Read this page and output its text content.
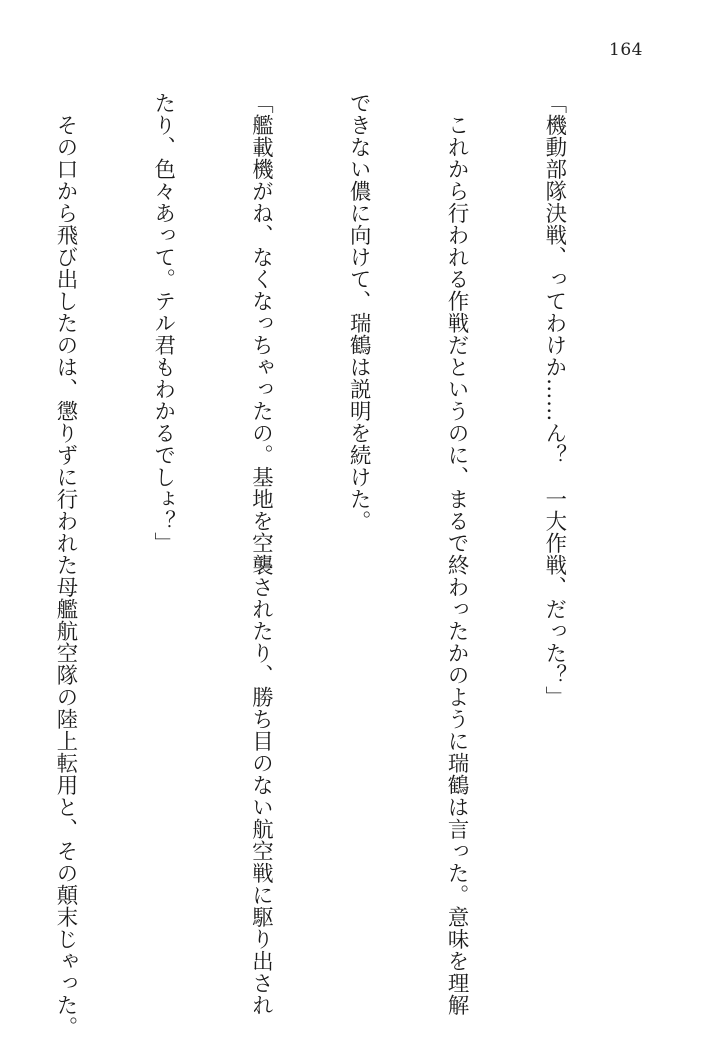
164

「機動部隊決戦、ってわけか……ん？　一大作戦、だった？」

　これから行われる作戦だというのに、まるで終わったかのように瑞鶴は言った。意味を理解

できない儂に向けて、瑞鶴は説明を続けた。

「艦載機がね、なくなっちゃったの。基地を空襲されたり、勝ち目のない航空戦に駆り出され

たり、色々あって。テル君もわかるでしょ？」

　その口から飛び出したのは、懲りずに行われた母艦航空隊の陸上転用と、その顛末じゃった。
